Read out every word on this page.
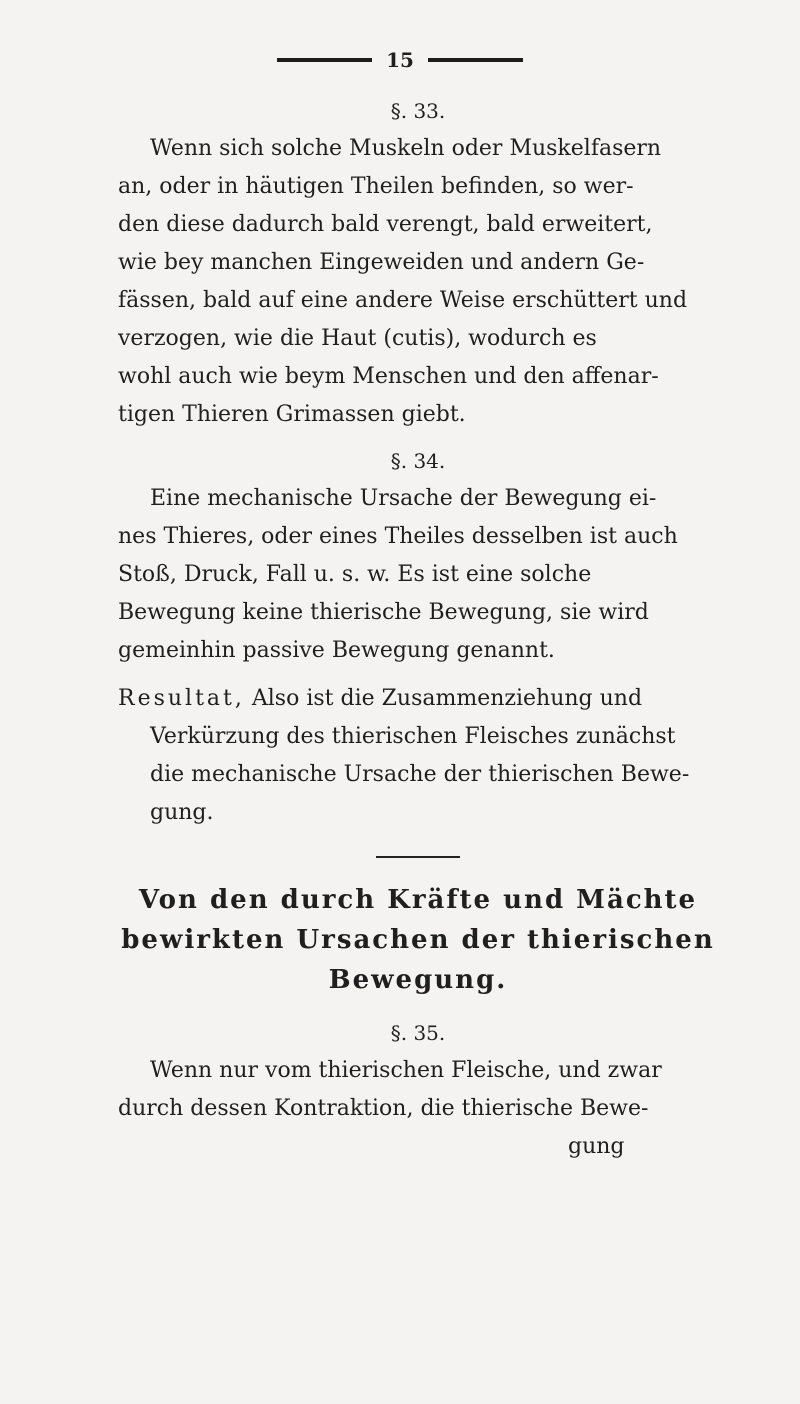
15
§. 33.
Wenn sich solche Muskeln oder Muskelfasern
an, oder in häutigen Theilen befinden, so wer-
den diese dadurch bald verengt, bald erweitert,
wie bey manchen Eingeweiden und andern Ge-
fässen, bald auf eine andere Weise erschüttert und
verzogen, wie die Haut (cutis), wodurch es
wohl auch wie beym Menschen und den affenar-
tigen Thieren Grimassen giebt.
§. 34.
Eine mechanische Ursache der Bewegung ei-
nes Thieres, oder eines Theiles desselben ist auch
Stoß, Druck, Fall u. s. w. Es ist eine solche
Bewegung keine thierische Bewegung, sie wird
gemeinhin passive Bewegung genannt.
Resultat, Also ist die Zusammenziehung und
Verkürzung des thierischen Fleisches zunächst
die mechanische Ursache der thierischen Bewe-
gung.
Von den durch Kräfte und Mächte
bewirkten Ursachen der thierischen
Bewegung.
§. 35.
Wenn nur vom thierischen Fleische, und zwar
durch dessen Kontraktion, die thierische Bewe-
gung
